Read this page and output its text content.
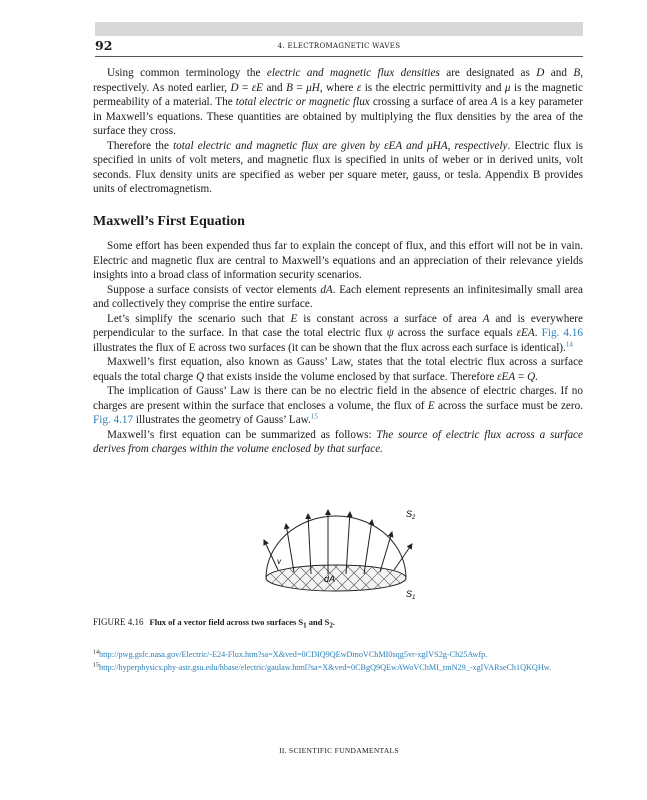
92	4. ELECTROMAGNETIC WAVES

Using common terminology the electric and magnetic flux densities are designated as D and B, respectively. As noted earlier, D = εE and B = μH, where ε is the electric permittivity and μ is the magnetic permeability of a material. The total electric or magnetic flux crossing a surface of area A is a key parameter in Maxwell’s equations. These quantities are obtained by multiplying the flux densities by the area of the surface they cross.

Therefore the total electric and magnetic flux are given by εEA and μHA, respectively. Electric flux is specified in units of volt meters, and magnetic flux is specified in units of weber or in derived units, volt seconds. Flux density units are specified as weber per square meter, gauss, or tesla. Appendix B provides units of electromagnetism.

Maxwell’s First Equation

Some effort has been expended thus far to explain the concept of flux, and this effort will not be in vain. Electric and magnetic flux are central to Maxwell’s equations and an appreciation of their relevance yields insights into a broad class of information security scenarios.

Suppose a surface consists of vector elements dA. Each element represents an infinitesimally small area and collectively they comprise the entire surface.

Let’s simplify the scenario such that E is constant across a surface of area A and is everywhere perpendicular to the surface. In that case the total electric flux ψ across the surface equals εEA. Fig. 4.16 illustrates the flux of E across two surfaces (it can be shown that the flux across each surface is identical).$^{14}$

Maxwell’s first equation, also known as Gauss’ Law, states that the total electric flux across a surface equals the total charge Q that exists inside the volume enclosed by that surface. Therefore εEA = Q.

The implication of Gauss’ Law is there can be no electric field in the absence of electric charges. If no charges are present within the surface that encloses a volume, the flux of E across the surface must be zero. Fig. 4.17 illustrates the geometry of Gauss’ Law.$^{15}$

Maxwell’s first equation can be summarized as follows: The source of electric flux across a surface derives from charges within the volume enclosed by that surface.

$S_2$
$S_1$
v
dA
FIGURE 4.16 Flux of a vector field across two surfaces $S_1$ and $S_2$.
$^{14}$http://pwg.gsfc.nasa.gov/Electric/-E24-Flux.htm?sa=X&ved=0CDIQ9QEwDmoVChMI0sqg5vr-xgIVS2g-Ch25Awfp.
$^{15}$http://hyperphysics.phy-astr.gsu.edu/hbase/electric/gaulaw.html?sa=X&ved=0CBgQ9QEwAWoVChMI_tmN29_-xgIVARseCh1QKQHw.
II. SCIENTIFIC FUNDAMENTALS
